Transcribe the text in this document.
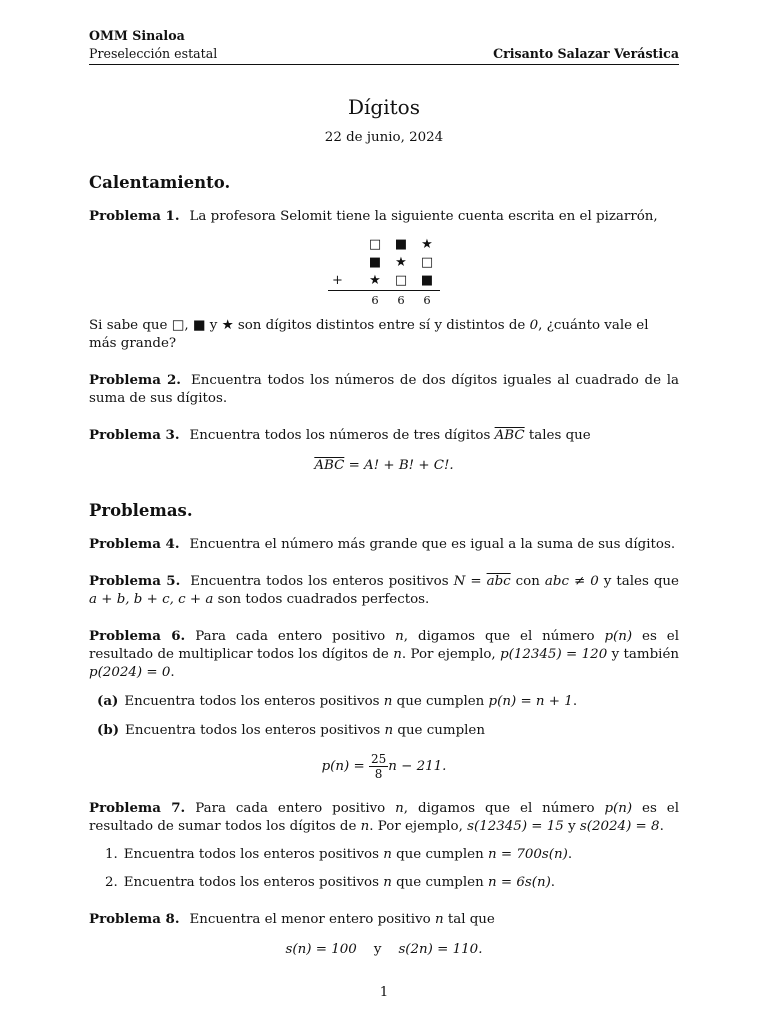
OMM Sinaloa
Preselección estatal	Crisanto Salazar Verástica
Dígitos
22 de junio, 2024
Calentamiento.

Problema 1. La profesora Selomit tiene la siguiente cuenta escrita en el pizarrón,

	□	■	★
	■	★	□
+	★	□	■
	6	6	6

Si sabe que □, ■ y ★ son dígitos distintos entre sí y distintos de 0, ¿cuánto vale el más grande?

Problema 2. Encuentra todos los números de dos dígitos iguales al cuadrado de la suma de sus dígitos.

Problema 3. Encuentra todos los números de tres dígitos $\overline{ABC}$ tales que

$\overline{ABC} = A$! + B! + C!.
Problemas.

Problema 4. Encuentra el número más grande que es igual a la suma de sus dígitos.

Problema 5. Encuentra todos los enteros positivos $N = \overline{abc}$ con abc ≠ 0 y tales que a + b, b + c, c + a son todos cuadrados perfectos.

Problema 6. Para cada entero positivo n, digamos que el número p(n) es el resultado de multiplicar todos los dígitos de n. Por ejemplo, p(12345) = 120 y también p(2024) = 0.

(a) Encuentra todos los enteros positivos n que cumplen p(n) = n + 1.

(b) Encuentra todos los enteros positivos n que cumplen

$p(n) = \frac{25}{8}$ n − 211.

Problema 7. Para cada entero positivo n, digamos que el número p(n) es el resultado de sumar todos los dígitos de n. Por ejemplo, s(12345) = 15 y s(2024) = 8.

1. Encuentra todos los enteros positivos n que cumplen n = 700s(n).

2. Encuentra todos los enteros positivos n que cumplen n = 6s(n).

Problema 8. Encuentra el menor entero positivo n tal que

s(n) = 100 y s(2n) = 110.
1
